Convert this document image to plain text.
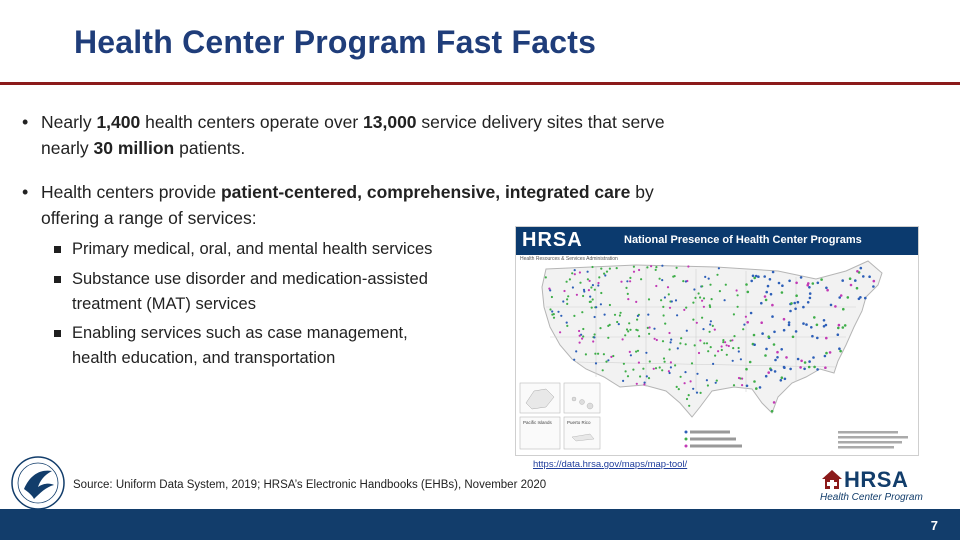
Health Center Program Fast Facts
• Nearly 1,400 health centers operate over 13,000 service delivery sites that serve
nearly 30 million patients.
• Health centers provide patient-centered, comprehensive, integrated care by
offering a range of services:
Primary medical, oral, and mental health services
Substance use disorder and medication-assisted
treatment (MAT) services
Enabling services such as case management,
health education, and transportation
HRSA	National Presence of Health Center Programs
Health Resources & Services Administration
Pacific Islands	Puerto Rico
https://data.hrsa.gov/maps/map-tool/
Source: Uniform Data System, 2019; HRSA’s Electronic Handbooks (EHBs), November 2020	HRSA
Health Center Program
7
